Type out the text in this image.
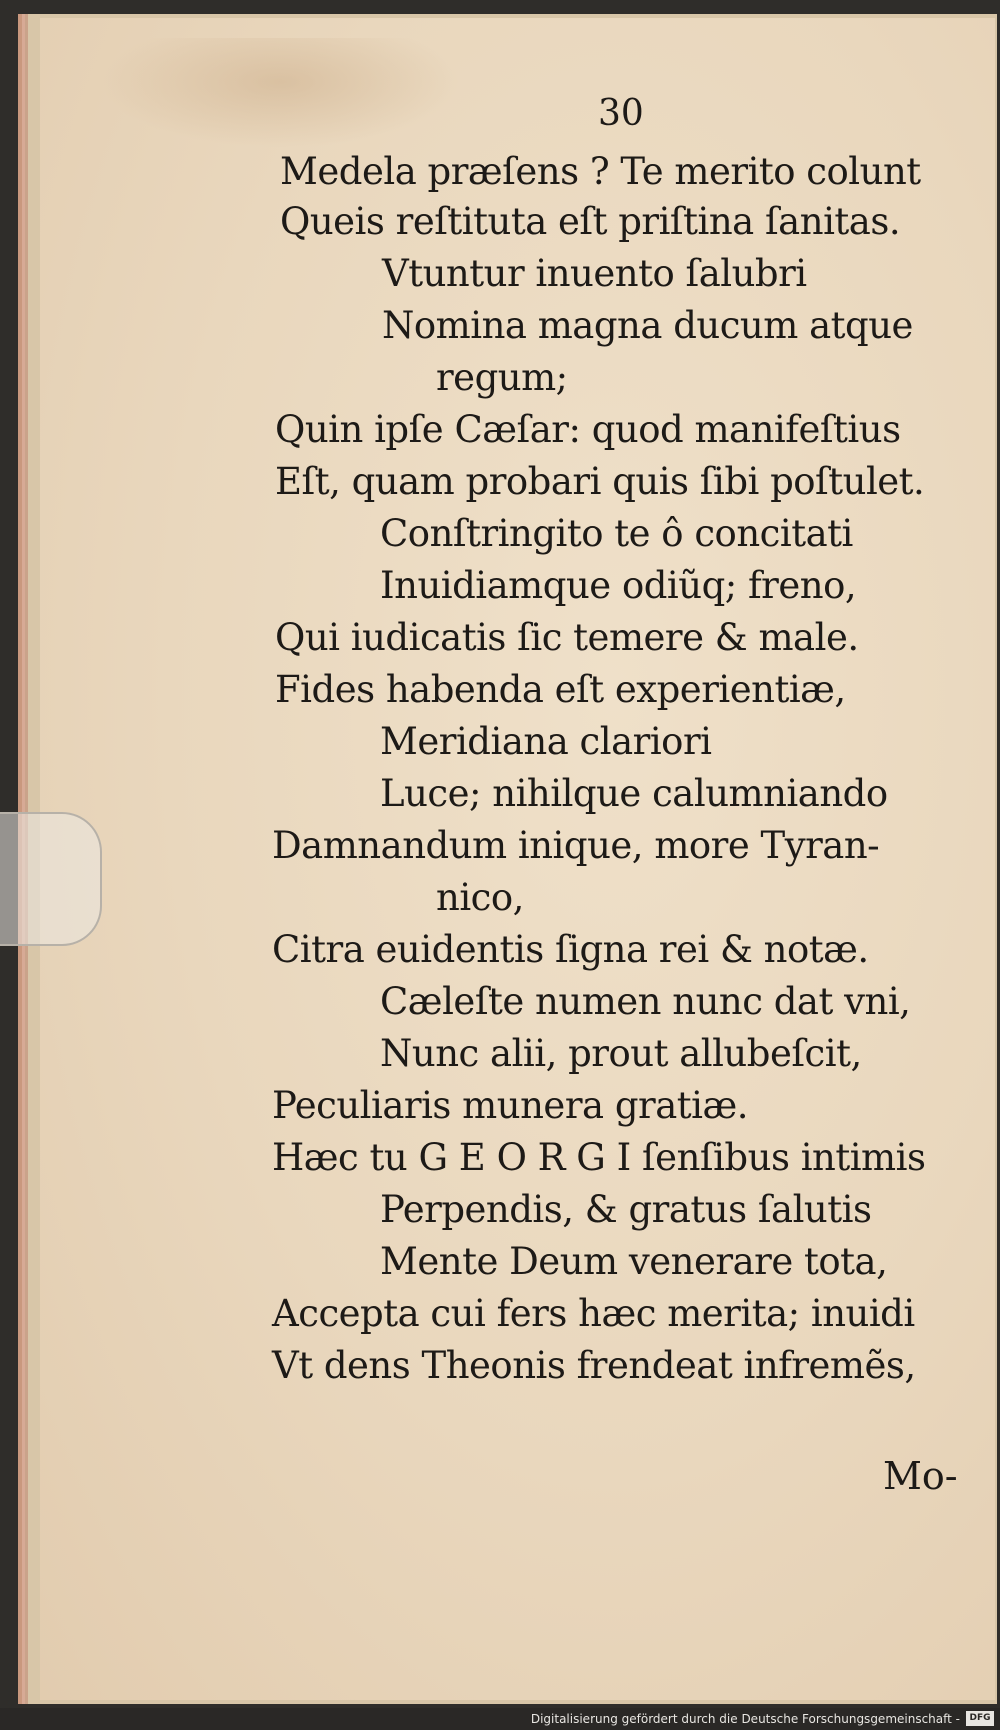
30
Medela præſens ? Te merito colunt
Queis reſtituta eſt priſtina ſanitas.
Vtuntur inuento ſalubri
Nomina magna ducum atque
regum;
Quin ipſe Cæſar: quod manifeſtius
Eſt, quam probari quis ſibi poſtulet.
Conſtringito te ô concitati
Inuidiamque odiũq; freno,
Qui iudicatis ſic temere & male.
Fides habenda eſt experientiæ,
Meridiana clariori
Luce; nihilque calumniando
Damnandum inique, more Tyran-
nico,
Citra euidentis ſigna rei & notæ.
Cæleſte numen nunc dat vni,
Nunc alii, prout allubeſcit,
Peculiaris munera gratiæ.
Hæc tu G E O R G I ſenſibus intimis
Perpendis, & gratus ſalutis
Mente Deum venerare tota,
Accepta cui fers hæc merita; inuidi
Vt dens Theonis frendeat infremẽs,
Mo-
Digitalisierung gefördert durch die Deutsche Forschungsgemeinschaft -	DFG
